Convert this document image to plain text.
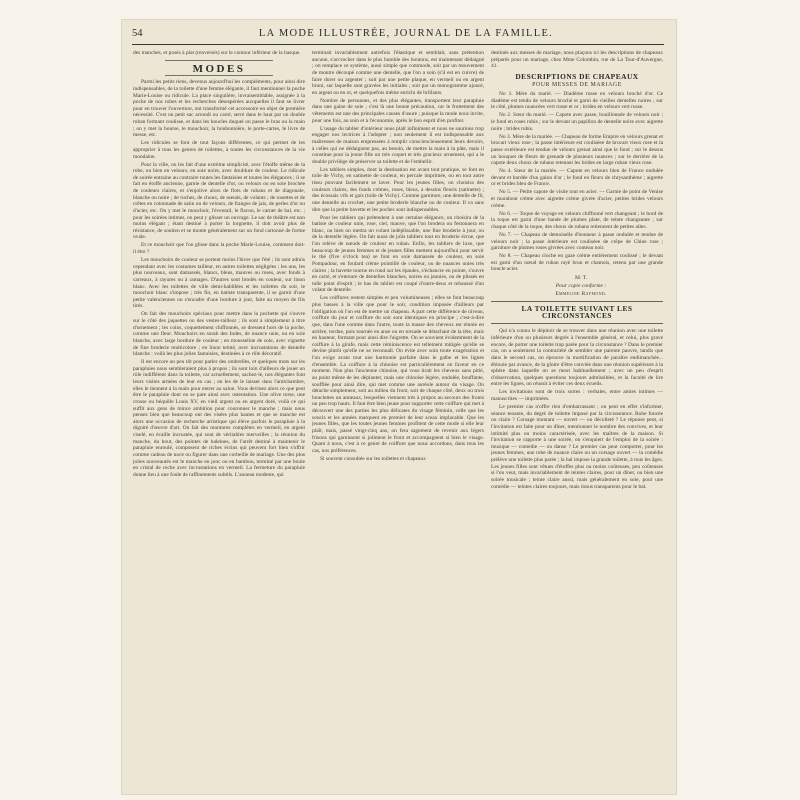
54	LA MODE ILLUSTRÉE, JOURNAL DE LA FAMILLE.

des manches, et posés à plat (renversés) sur le contour inférieur de la basque.

MODES

Parmi les petits riens, devenus aujourd'hui les compléments, pour ainsi dire indispensables, de la toilette d'une femme élégante, il faut mentionner la poche Marie-Louise ou ridicule. La place singulière, invraisemblable, assignée à la poche de nos robes et les recherches désespérées auxquelles il faut se livrer pour en trouver l'ouverture, ont transformé cet accessoire en objet de première nécessité. C'est un petit sac arrondi ou carré, serré dans le haut par un double ruban formant coulisse, et dans les boucles duquel on passe le bras ou la main ; on y met la bourse, le mouchoir, la bonbonnière, le porte-cartes, le livre de messe, etc.

Les ridicules se font de tout façons différentes, ce qui permet de les approprier à tous les genres de toilettes, à toutes les circonstances de la vie mondaine.

Pour la ville, on les fait d'une extrême simplicité, avec l'étoffe même de la robe, ou bien en velours, en soie noire, avec doublure de couleur. Le ridicule de soirée entraine au contraire toutes les fantaisies et toutes les élégances ; il se fait en étoffe ancienne, garnie de dentelle d'or, ou velours ou en soie brochée de couleurs claires, et s'enjolive alors de flots de rubans et de diagonale, blanche ou noire ; de ruches, de choux, de nœuds, de volants ; de rosettes et de crêtes en cotonnade de satin ou de velours, de franges de jais, de perles d'or ou d'acier, etc. On y met le mouchoir, l'éventail, le flacon, le carnet de bal, etc. ; pour les soirées intimes, on peut y glisser un ouvrage. Le sac de théâtre est non moins élégant ; étant destiné à porter la lorgnette, il doit avoir plus de résistance, de soutien et se monte généralement sur un fond cartonné de forme ovale.

Et ce mouchoir que l'on glisse dans la poche Marie-Louise, comment doit-il être ?

Les mouchoirs de couleur se portent moins l'hiver que l'été ; ils sont admis cependant avec les costumes tailleur, en autres toilettes négligées ; les uns, les plus nouveaux, sont damassés, blancs, bleus, mauves ou roses, avec fonds à carreaux, à rayures ou à ramages. D'autres sont brodés en couleur, sur linon blanc. Avec les toilettes de ville demi-habillées et les toilettes du soir, le mouchoir blanc s'impose ; très fin, en batiste transparente, il se garnit d'une petite valenciennes ou s'encadre d'une bordure à jour, faite au moyen de fils tirés.

On fait des mouchoirs spéciaux pour mettre dans la pochette qui s'ouvre sur le côté des jaquettes ou des vestes-tailleur ; ils sont à simplement à titre d'ornement ; les coins, coquettement chiffonnés, se dressent hors de la poche, comme une fleur. Mouchoirs en surah des Indes, de nuance unie, ou en soie blanche, avec large bordure de couleur ; en mousseline de soie, avec vignette de fine broderie multicolore ; en linon teinté, avec incrustations de dentelle blanche : voilà les plus jolies fantaisies, destinées à ce rôle décoratif.

Il est encore un peu tôt pour parler des ombrelles, et quelques mots sur les parapluies nous sembleraient plus à propos ; ils sont loin d'ailleurs de jouer un rôle indifférent dans la toilette, car actuellement, sachez-le, nos élégantes font leurs visites armées de leur en cas ; on les de le laisser dans l'antichambre, elles le tiennent à la main pour entrer au salon. Vous devinez alors ce que peut être le parapluie dont on se pare ainsi avec ostentation. Une olive torse, une crosse ou béquille Louis XV, en vieil argent ou en argent doré, voilà ce qui suffit aux gens de mince ambition pour couronner le manche ; mais nous pensez bien que beaucoup ont des visées plus hautes et que se manche est alors une occasion de recherche artistique qui élève parfois le parapluie à la dignité d'œuvre d'art. On fait des montures complètes en vermeil, en argent ciselé, en écaille incrustée, qui sont de véritables merveilles ; la réunion du manche, du bout, des pointes de baleines, de l'arrêt destiné à maintenir le parapluie enroulé, composent de riches écrins qui peuvent fort bien s'offrir comme cadeau de noce ou figurer dans une corbeille de mariage. Une des plus jolies nouveautés est le manche en jonc ou en bambou, terminé par une boule en cristal de roche avec incrustations en vermeil. La fermeture du parapluie donne lieu à une foule de raffinements subtils. L'anneau modeste, qui

terminait invariablement autrefois l'élastique et semblait, sans prétention aucune, s'accrocher dans le plus humble des boutons, est maintenant dédaigné ; on remplace ce système, aussi simple que commode, soit par un mouvement de montre découpé comme une dentelle, que l'on a soin (s'il est en cuivre) de faire dorer ou argenter ; soit par une petite plaque, en vermeil ou en argent bruni, sur laquelle sont gravées les initiales ; soit par un monogramme ajouré, en argent ou en or, et quelquefois même enrichi de brillants.

Nombre de personnes, et des plus élégantes, transportent leur parapluie dans une gaine de soie ; c'est là une bonne précaution, car le frottement des vêtements est une des principales causes d'usure ; puisque la mode nous invite, pour une fois, au soin et à l'économie, après le bon esprit d'en profiter.

L'usage du tablier d'intérieur nous plaît infiniment et nous ne saurions trop engager nos lectrices à l'adopter ; non seulement il est indispensable aux maîtresses de maison empressées à remplir consciencieusement leurs devoirs, à celles qui ne dédaignent pas, au besoin, de mettre la main à la pâte, mais il constitue pour la jeune fille un très coquet et très gracieux ornement, qui a le double privilège de préserver sa toilette et de l'embellir.

Les tabliers simples, dont la destination est avant tout pratique, se font en toile de Vichy, en satinette de couleur, en percale imprimée, ou en tout autre tissu pouvant facilement se laver. Pour les jeunes filles, on choisira des couleurs claires, des fonds crèmes, roses, bleus, à dessins fleuris (satinette) ; des écossais vifs et gais (toile de Vichy). Comme garniture, une dentelle de fil, une dentelle au crochet, une petite broderie blanche ou de couleur. Il va sans dire que la petite bavette et les poches sont indispensables.

Pour les tabliers qui prétendent à une certaine élégance, on choisira de la batiste de couleur unie, rose, ciel, mauve, que l'on brodera ou festonnera en blanc, ou bien on mettra un volant indéplissable, une fine broderie à jour, ou de la dentelle légère. On fait aussi de jolis tabliers tout en broderie écrue, que l'on relève de nœuds de couleur en ruban. Enfin, les tabliers de luxe, que beaucoup de jeunes femmes et de jeunes filles mettent aujourd'hui pour servir le thé (five o'clock tea) se font en soie damassée de couleur, en soie Pompadour, en foulard crème pointillé de couleur, ou de nuances unies très claires ; la bavette tourne en rond sur les épaules, s'échancre en pointe, s'ouvre en carré, et s'entoure de dentelles blanches, noires ou jaunies, ou de plissés en tulle point d'esprit ; le bas du tablier est coupé d'outre-deux et rehaussé d'un volant de dentelle.

Les coiffures restent simples et peu volumineuses ; elles se font beaucoup plus basses à la ville que pour le soir, condition imposée d'ailleurs par l'obligation où l'on est de mettre un chapeau. A part cette différence de niveau, coiffure du jour et coiffure du soir sont identiques en principe ; c'est-à-dire que, dans l'une comme dans l'autre, toute la masse des cheveux est réunie en arrière, tordue, puis tournée en anse ou en torsade se détachant de la tête, mais en hauteur, formant pour ainsi dire l'aigrette. On se souvient évidemment de la coiffure à la girafe, mais cette réminiscence est tellement mitigée qu'elle se devine plutôt qu'elle ne se reconnaît. On évite avec soin toute exagération et l'on exige avant tout une harmonie parfaite dans le galbe et les lignes d'ensemble. La coiffure à la chinoise est particulièrement en faveur en ce moment. Non plus l'ancienne chinoise, qui vous tirait les cheveux sans pitié, au point même de les déplanter, mais une chinoise légère, ondulée, bouffante, soufflée pour ainsi dire, qui met comme une auréole autour du visage. On détache simplement, soit au milieu du front, soit de chaque côté, deux ou trois bouclettes un anneaux, lesquelles viennent très à propos au secours des fronts un peu trop hauts. Il faut être bien jeune pour supporter cette coiffure qui met à découvert une des parties les plus délicates du visage féminin, celle que les soucis et les années marquent en premier de leur sceau implacable. Que les jeunes filles, que les toutes jeunes femmes profitent de cette mode si elle leur plaît, mais, passé vingt-cinq ans, on fera sagement de revenir aux légers frisons qui garnissent si joliment le front et accompagnent si bien le visage. Quant à nous, c'est à ce genre de coiffure que nous accordons, dans tous les cas, nos préférences.

Si souvent consultée sur les toilettes et chapeaux

destinés aux messes de mariage, nous plaçons ici les descriptions de chapeaux préparés pour un mariage, chez Mme Colombin, rue de La Tour-d'Auvergne, 41.

DESCRIPTIONS DE CHAPEAUX
POUR MESSES DE MARIAGE

No 1. Mère du marié. — Diadème russe en velours broché d'or. Ce diadème est tendu de velours broché et garni de vieilles dentelles noires ; sur le côté, plumes nuancées vert russe et or ; brides en velours vert russe.

No 2. Sœur du marié. — Capote avec passe, bouillonnée de velours noir ; le fond en roses rubis ; sur le devant un papillon de dentelle noire avec aigrette noire ; brides rubis.

No 3. Mère de la mariée. — Chapeau de forme Empire en velours grenat et brocart vieux rose ; la passe intérieure est couliséee de brocart vieux rose et la passe extérieure est tendue de velours grenat ainsi que le fond ; sur le dessus un bouquet de fleurs de grenade de plusieurs nuances ; sur le derrière de la capote deux choux de rubans retenant les brides en large ruban vieux rose.

No 4. Sœur de la mariée. — Capote en velours bleu de France ondulée devant et bordée d'un galon d'or ; le fond en fleurs de chrysanthème ; aigrette or et brides bleu de France.

No 5. — Petite capote de visite tout en acier. — Garnie de point de Venise et marabout crème avec aigrette crème givrée d'acier, petites brides velours crème.

No 6. — Toque de voyage en velours chiffonné vert changeant ; le bord de la toque est garni d'une bande de plumes plate, de teinte changeante ; sur chaque côté de la toque, des choux de rubans retiennent de petites ailes.

No 7. — Chapeau de demoiselle d'honneur à passe ondulée et tendue de velours noir ; la passe intérieure est couliséee de crêpe de Chine rose ; garniture de plumes roses givrées avec couteau noir.

No 8. — Chapeau cloche en gaze crème entièrement coulissé ; le devant est garni d'un nœud de ruban rayé brun et chamois, retenu par une grande boucle acier.

M. T.

Pour copie conforme :

Emmeline Raymond.

LA TOILETTE SUIVANT LES CIRCONSTANCES

Qui n'a connu le dépitoir de se trouver dans une réunion avec une toilette inférieure d'un ou plusieurs degrés à l'ensemble général, et celui, plus grave encore, de porter une toilette trop parée pour la circonstance ? Dans le premier cas, on a seulement la contrariété de sembler une parente pauvre, tandis que dans le second cas, on éprouve la mortification de paraître endimanchée... éblouie par avance, de la gloire d'être conviée dans une réunion supérieure à la sphère dans laquelle on se meut habituellement ; avec un peu d'esprit d'observation, quelques questions toujours admissibles, et la faculté de lire entre les lignes, on réussit à éviter ces deux écueils.

Les invitations sont de trois sortes : verbales, entre amies intimes — manuscrites — imprimées.

Le premier cas n'offre rien d'embarrassant ; on peut en effet s'informer, séance tenante, du degré de toilette imposé par la circonstance. Robe foncée ou claire ? Corsage montant — ouvert — ou décolleté ? Le réponse peut, si l'invitation est faite pour un dîner, mentionner le nombre des convives, et leur intimité plus ou moins caractérisée, avec les maîtres de la maison. Si l'invitation se rapporte à une soirée, on s'enquiert de l'emploi de la soirée : musique — comédie — ou danse ? Le premier cas peut comporter, pour les jeunes femmes, une robe de nuance claire ou un corsage ouvert — la comédie prélève une toilette plus parée ; la bal impose la grande toilette, à tous les âges. Les jeunes filles sont vêtues d'étoffes plus ou moins coûteuses, peu coûteuses si l'on veut, mais invariablement de teintes claires, pour un dîner, ou bien une soirée musicale ; teinte claire aussi, mais généralement en soie, pour une comédie — teintes claires toujours, mais tissus transparents pour le bal.
